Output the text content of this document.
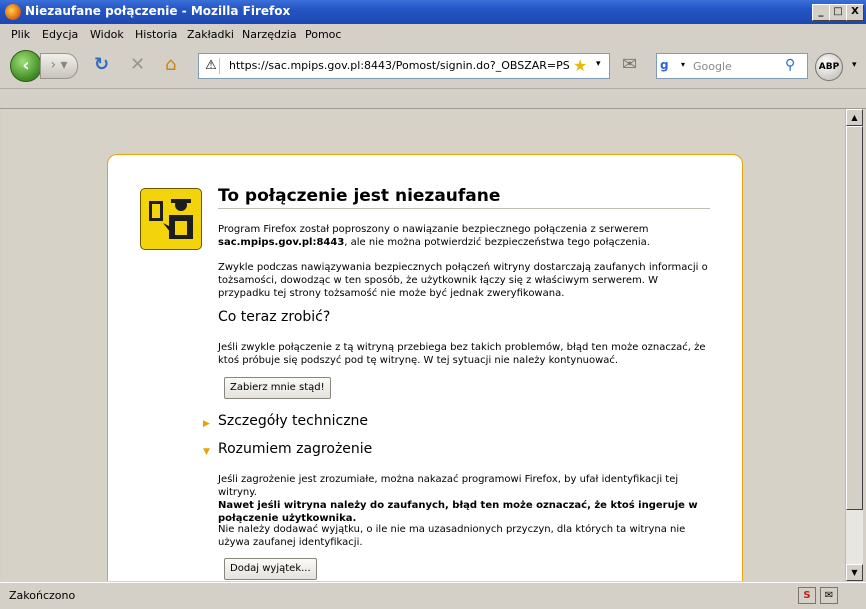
Niezaufane połączenie - Mozilla Firefox	_ □ X
Plik Edycja Widok Historia Zakładki Narzędzia Pomoc
‹	› ▾	↻ ✕ ⌂ ⚠ https://sac.mpips.gov.pl:8443/Pomost/signin.do?_OBSZAR=PS ★ ▾ ✉ g	▾ Google	⚲	ABP	▾
To połączenie jest niezaufane
Program Firefox został poproszony o nawiązanie bezpiecznego połączenia z serwerem sac.mpips.gov.pl:8443, ale nie można potwierdzić bezpieczeństwa tego połączenia.
Zwykle podczas nawiązywania bezpiecznych połączeń witryny dostarczają zaufanych informacji o tożsamości, dowodząc w ten sposób, że użytkownik łączy się z właściwym serwerem. W przypadku tej strony tożsamość nie może być jednak zweryfikowana.
Co teraz zrobić?
Jeśli zwykle połączenie z tą witryną przebiega bez takich problemów, błąd ten może oznaczać, że ktoś próbuje się podszyć pod tę witrynę. W tej sytuacji nie należy kontynuować.
Zabierz mnie stąd!
▶ Szczegóły techniczne
▼ Rozumiem zagrożenie
Jeśli zagrożenie jest zrozumiałe, można nakazać programowi Firefox, by ufał identyfikacji tej witryny.
Nawet jeśli witryna należy do zaufanych, błąd ten może oznaczać, że ktoś ingeruje w połączenie użytkownika.
Nie należy dodawać wyjątku, o ile nie ma uzasadnionych przyczyn, dla których ta witryna nie używa zaufanej identyfikacji.
Dodaj wyjątek...
▲
▼
Zakończono	S	✉
